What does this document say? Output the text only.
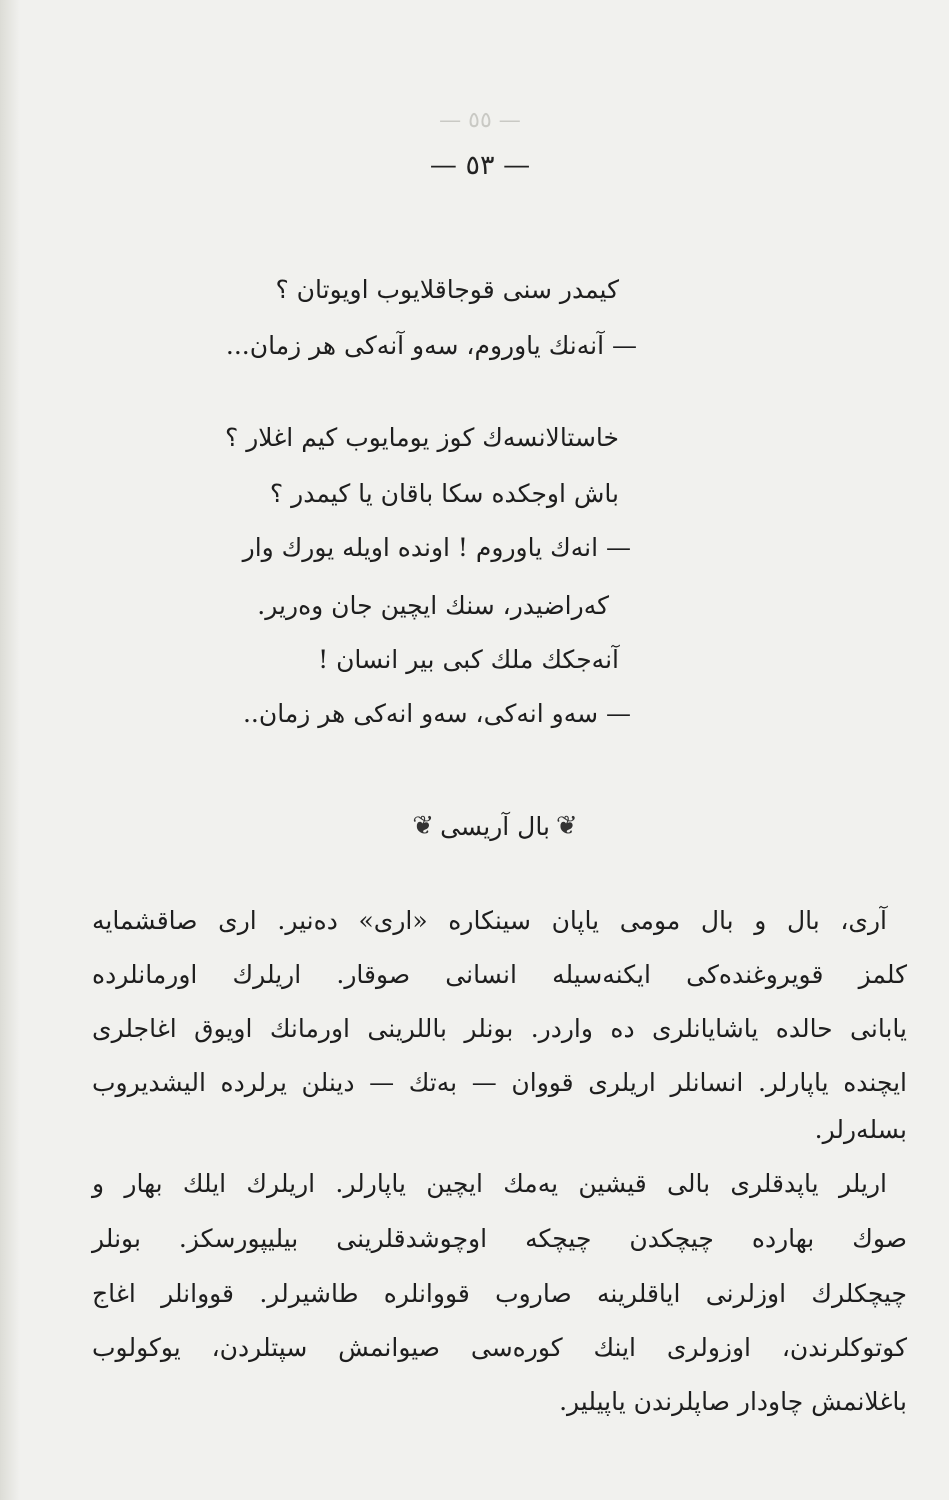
— ٥٥ —
— ٥٣ —
کیمدر سنی قوجاقلایوب اویوتان ؟
— آنه‌نك یاوروم، سه‌و آنه‌کی هر زمان...
خاستالانسه‌ك کوز یومایوب کیم اغلار ؟
باش اوجکده سکا باقان یا کیمدر ؟
— انه‌ك یاوروم ! اونده اویله یورك وار
که‌راضیدر، سنك ایچین جان وه‌ریر.
آنه‌جکك ملك کبی بیر انسان !
— سه‌و انه‌کی، سه‌و انه‌کی هر زمان..
❦
بال آریسی
❦
آری، بال و بال مومی یاپان سینکاره «اری» ده‌نیر. اری صاقشمایه
کلمز قویروغنده‌کی ایکنه‌سیله انسانی صوقار. اریلرك اورمانلرده
یابانی حالده یاشایانلری ده واردر. بونلر باللرینی اورمانك اویوق اغاجلری
ایچنده یاپارلر. انسانلر اریلری قووان — به‌تك — دینلن یرلرده الیشدیروب
بسله‌رلر.
اریلر یاپدقلری بالی قیشین یه‌مك ایچین یاپارلر. اریلرك ایلك بهار و
صوك بهارده چیچکدن چیچکه اوچوشدقلرینی بیلیپورسکز. بونلر
چیچکلرك اوزلرنی ایاقلرینه صاروب قووانلره طاشیرلر. قووانلر اغاج
کوتوکلرندن، اوزولری اینك کوره‌سی صیوانمش سپتلردن، یوکولوب
باغلانمش چاودار صاپلرندن یاپیلیر.
